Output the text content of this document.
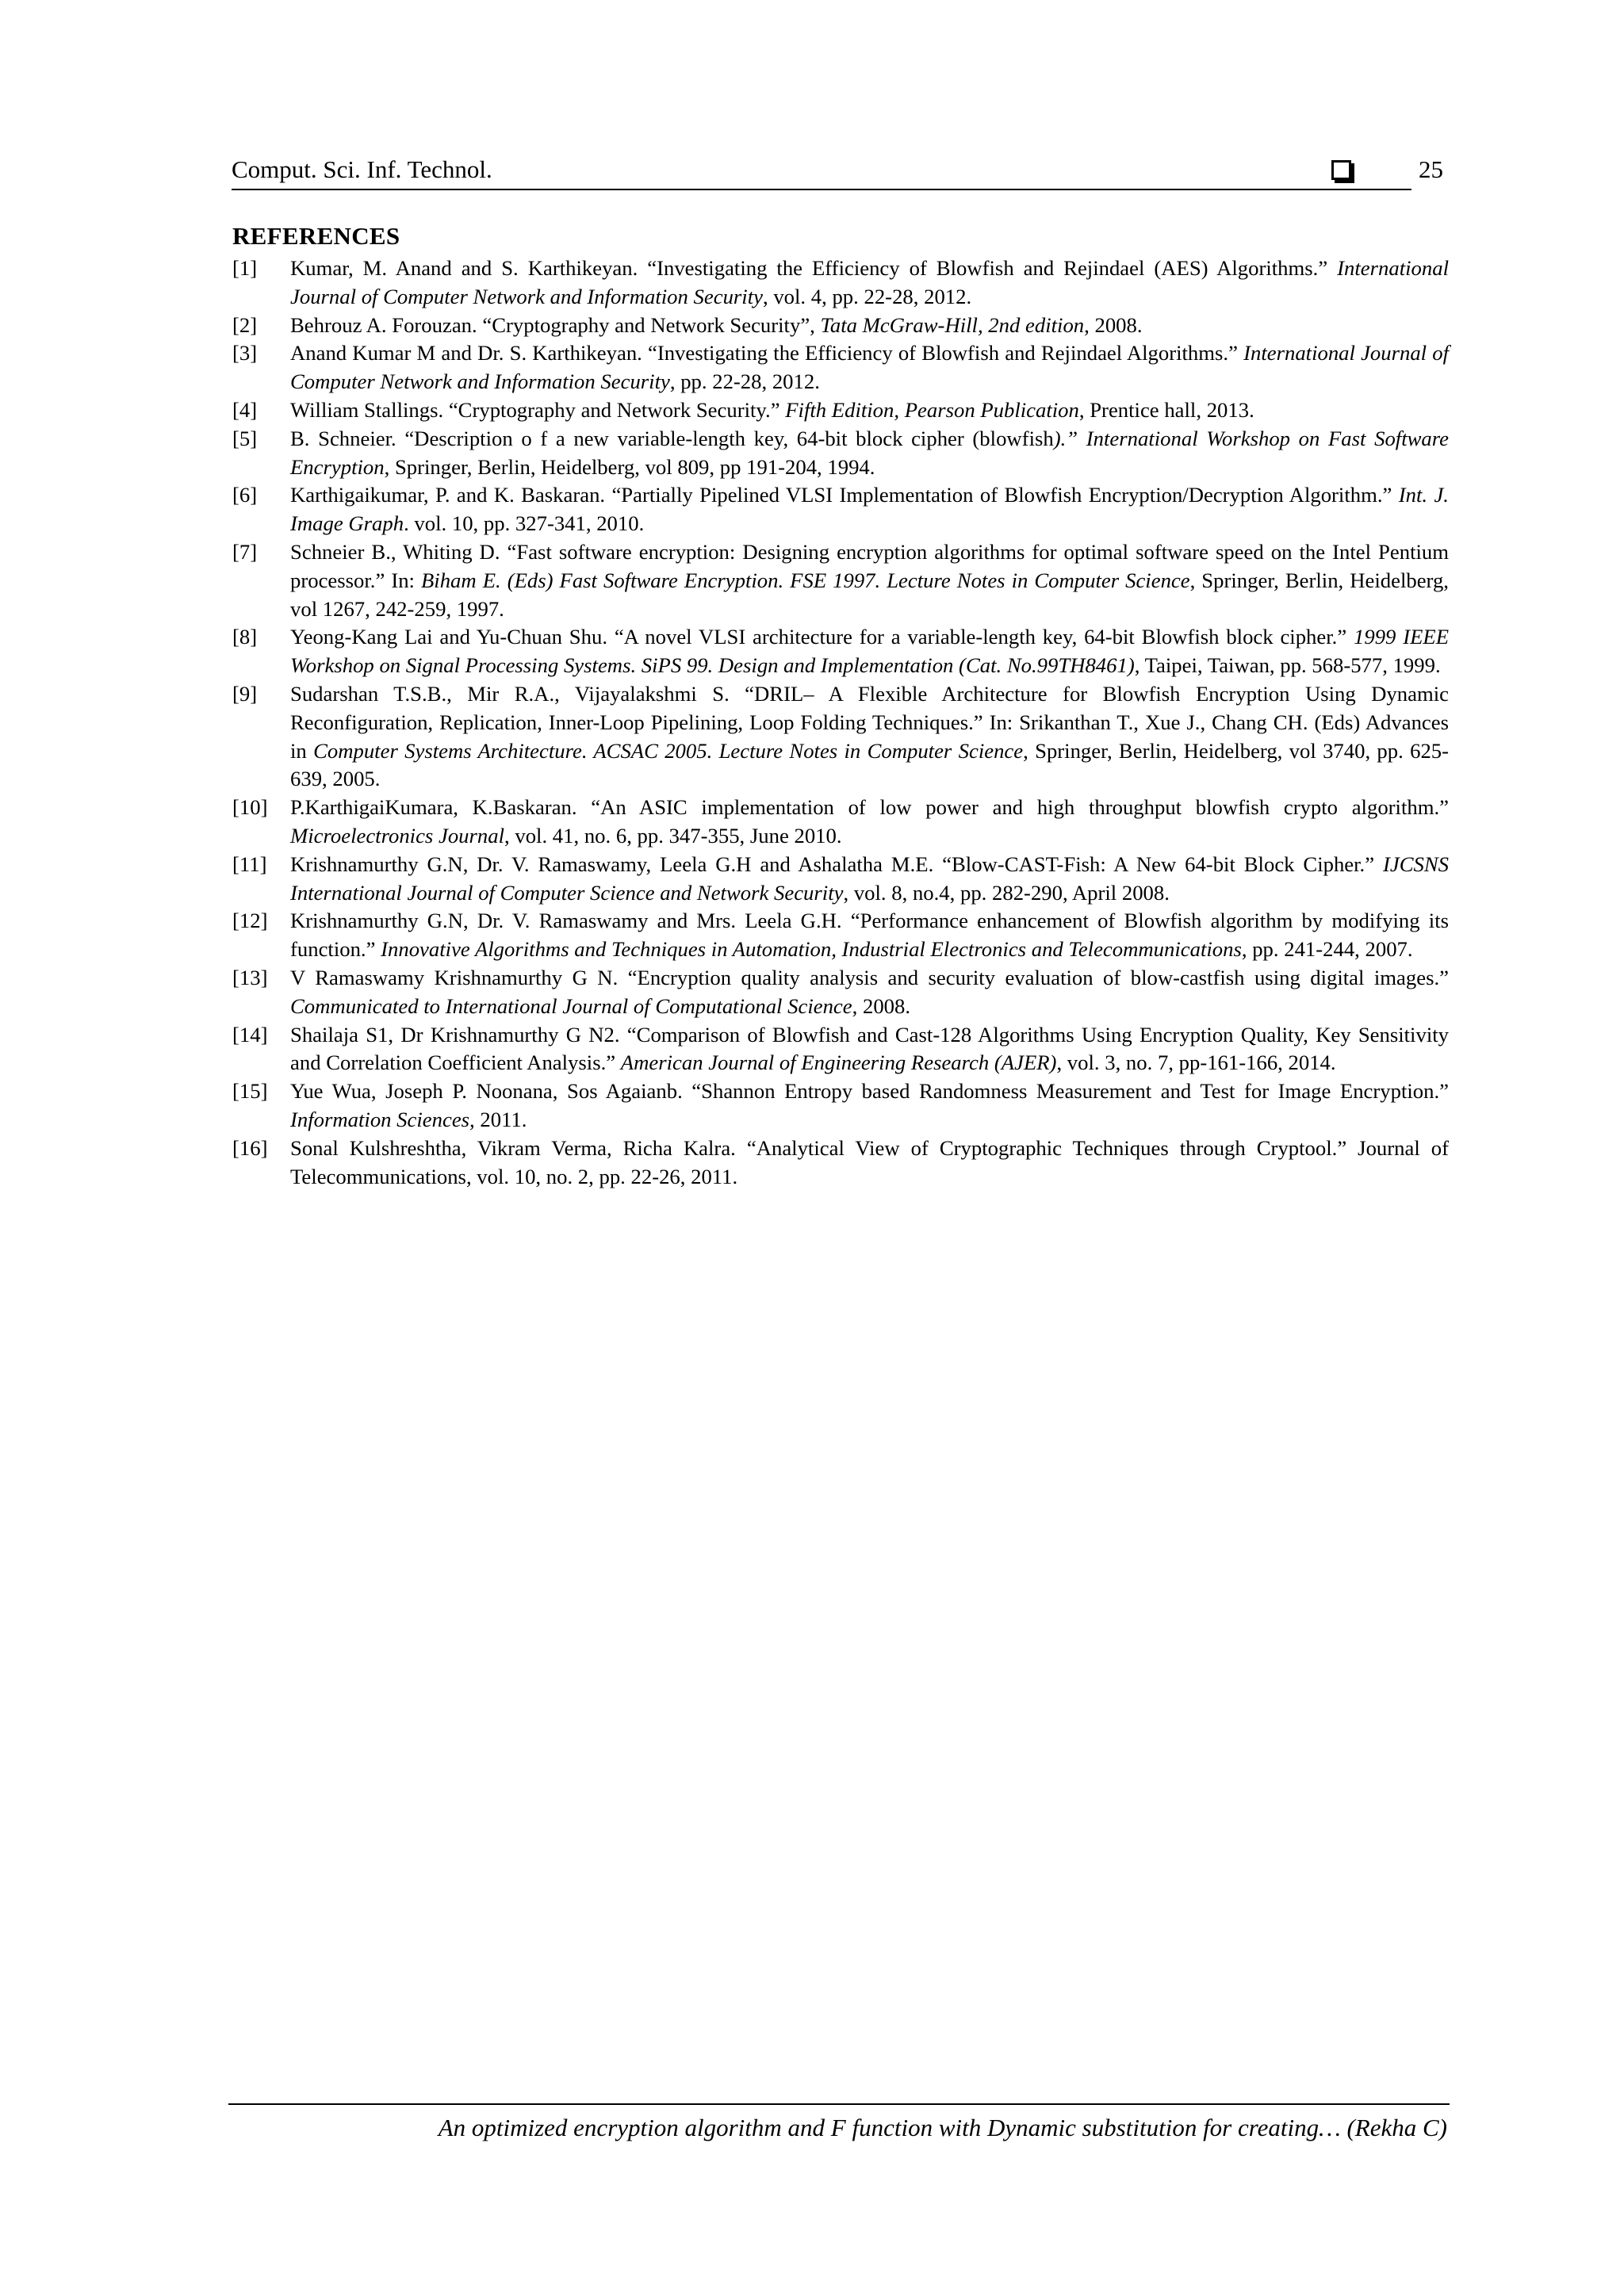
Comput. Sci. Inf. Technol.	25
REFERENCES
[1] Kumar, M. Anand and S. Karthikeyan. “Investigating the Efficiency of Blowfish and Rejindael (AES) Algorithms.” International Journal of Computer Network and Information Security, vol. 4, pp. 22-28, 2012.
[2] Behrouz A. Forouzan. “Cryptography and Network Security”, Tata McGraw-Hill, 2nd edition, 2008.
[3] Anand Kumar M and Dr. S. Karthikeyan. “Investigating the Efficiency of Blowfish and Rejindael Algorithms.” International Journal of Computer Network and Information Security, pp. 22-28, 2012.
[4] William Stallings. “Cryptography and Network Security.” Fifth Edition, Pearson Publication, Prentice hall, 2013.
[5] B. Schneier. “Description o f a new variable-length key, 64-bit block cipher (blowfish).” International Workshop on Fast Software Encryption, Springer, Berlin, Heidelberg, vol 809, pp 191-204, 1994.
[6] Karthigaikumar, P. and K. Baskaran. “Partially Pipelined VLSI Implementation of Blowfish Encryption/Decryption Algorithm.” Int. J. Image Graph. vol. 10, pp. 327-341, 2010.
[7] Schneier B., Whiting D. “Fast software encryption: Designing encryption algorithms for optimal software speed on the Intel Pentium processor.” In: Biham E. (Eds) Fast Software Encryption. FSE 1997. Lecture Notes in Computer Science, Springer, Berlin, Heidelberg, vol 1267, 242-259, 1997.
[8] Yeong-Kang Lai and Yu-Chuan Shu. “A novel VLSI architecture for a variable-length key, 64-bit Blowfish block cipher.” 1999 IEEE Workshop on Signal Processing Systems. SiPS 99. Design and Implementation (Cat. No.99TH8461), Taipei, Taiwan, pp. 568-577, 1999.
[9] Sudarshan T.S.B., Mir R.A., Vijayalakshmi S. “DRIL– A Flexible Architecture for Blowfish Encryption Using Dynamic Reconfiguration, Replication, Inner-Loop Pipelining, Loop Folding Techniques.” In: Srikanthan T., Xue J., Chang CH. (Eds) Advances in Computer Systems Architecture. ACSAC 2005. Lecture Notes in Computer Science, Springer, Berlin, Heidelberg, vol 3740, pp. 625-639, 2005.
[10] P.KarthigaiKumara, K.Baskaran. “An ASIC implementation of low power and high throughput blowfish crypto algorithm.” Microelectronics Journal, vol. 41, no. 6, pp. 347-355, June 2010.
[11] Krishnamurthy G.N, Dr. V. Ramaswamy, Leela G.H and Ashalatha M.E. “Blow-CAST-Fish: A New 64-bit Block Cipher.” IJCSNS International Journal of Computer Science and Network Security, vol. 8, no.4, pp. 282-290, April 2008.
[12] Krishnamurthy G.N, Dr. V. Ramaswamy and Mrs. Leela G.H. “Performance enhancement of Blowfish algorithm by modifying its function.” Innovative Algorithms and Techniques in Automation, Industrial Electronics and Telecommunications, pp. 241-244, 2007.
[13] V Ramaswamy Krishnamurthy G N. “Encryption quality analysis and security evaluation of blow-castfish using digital images.” Communicated to International Journal of Computational Science, 2008.
[14] Shailaja S1, Dr Krishnamurthy G N2. “Comparison of Blowfish and Cast-128 Algorithms Using Encryption Quality, Key Sensitivity and Correlation Coefficient Analysis.” American Journal of Engineering Research (AJER), vol. 3, no. 7, pp-161-166, 2014.
[15] Yue Wua, Joseph P. Noonana, Sos Agaianb. “Shannon Entropy based Randomness Measurement and Test for Image Encryption.” Information Sciences, 2011.
[16] Sonal Kulshreshtha, Vikram Verma, Richa Kalra. “Analytical View of Cryptographic Techniques through Cryptool.” Journal of Telecommunications, vol. 10, no. 2, pp. 22-26, 2011.
An optimized encryption algorithm and F function with Dynamic substitution for creating… (Rekha C)
